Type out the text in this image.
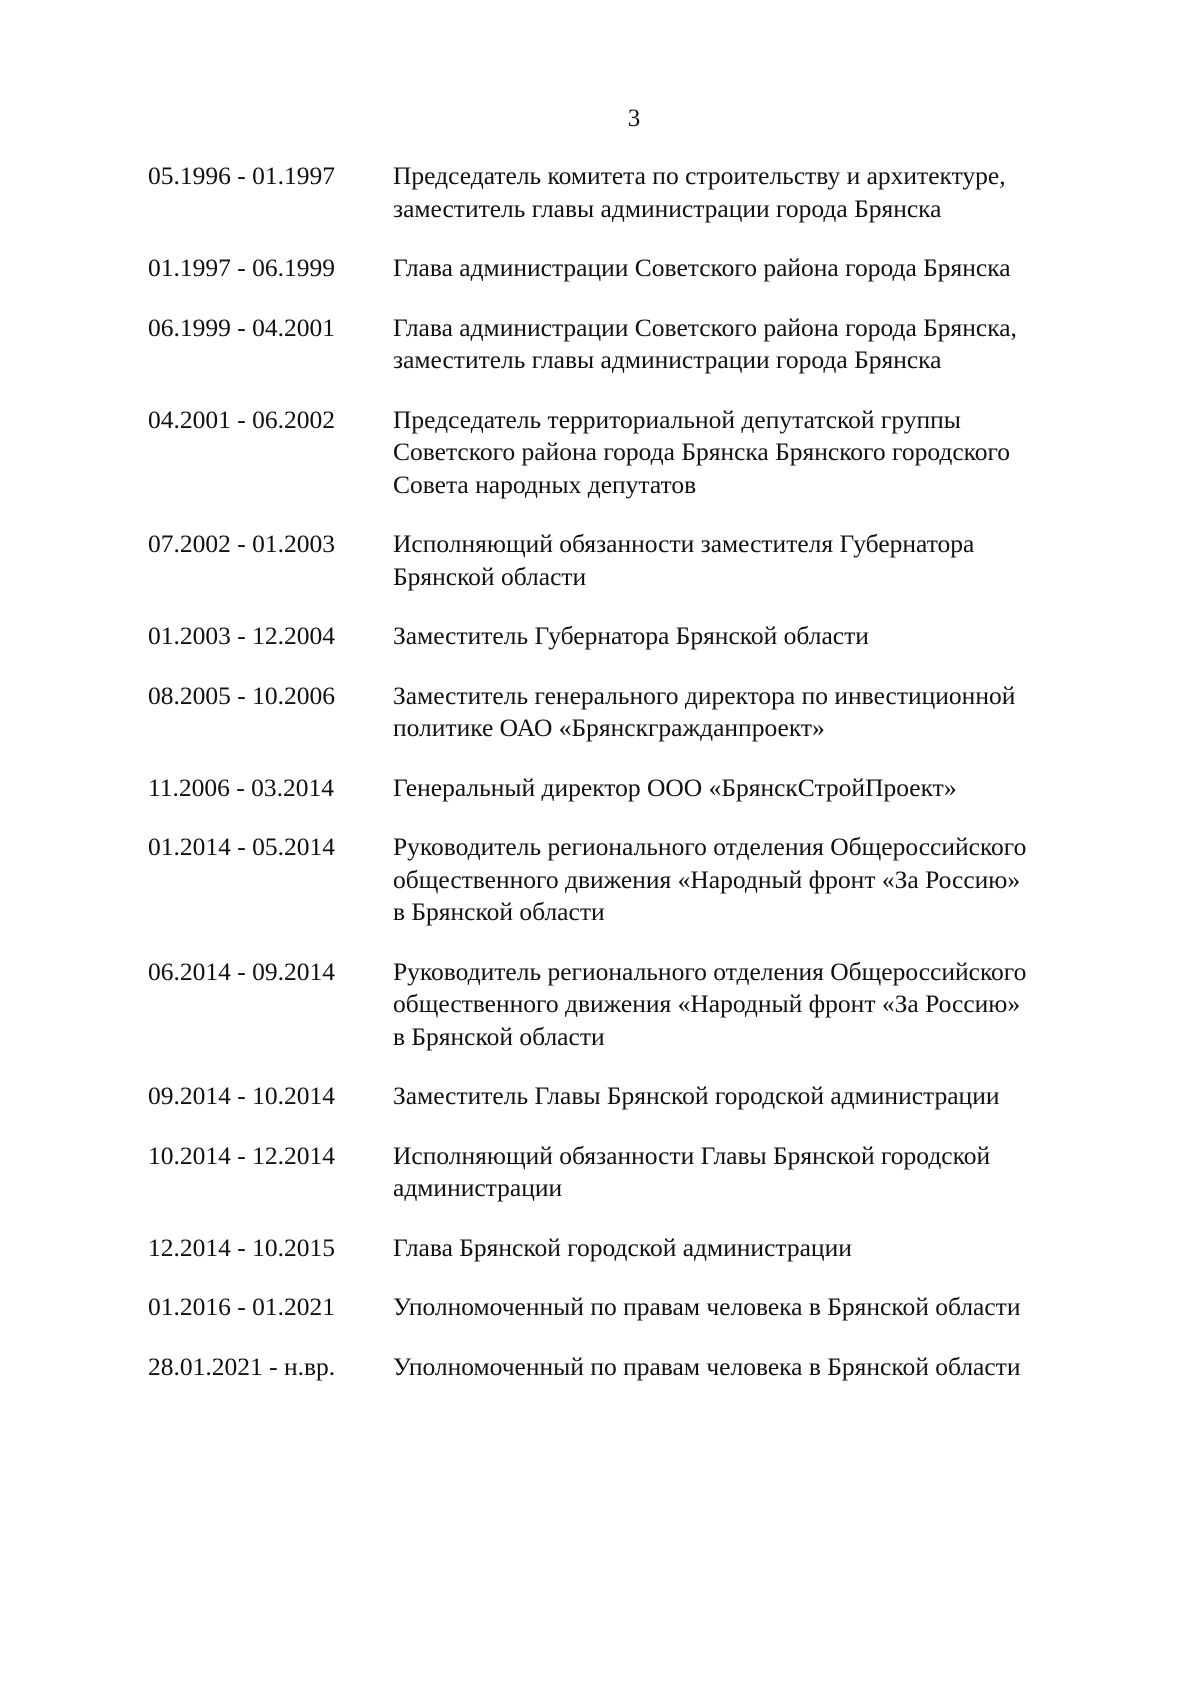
3
05.1996 - 01.1997	Председатель комитета по строительству и архитектуре,
заместитель главы администрации города Брянска
01.1997 - 06.1999	Глава администрации Советского района города Брянска
06.1999 - 04.2001	Глава администрации Советского района города Брянска,
заместитель главы администрации города Брянска
04.2001 - 06.2002	Председатель территориальной депутатской группы
Советского района города Брянска Брянского городского
Совета народных депутатов
07.2002 - 01.2003	Исполняющий обязанности заместителя Губернатора
Брянской области
01.2003 - 12.2004	Заместитель Губернатора Брянской области
08.2005 - 10.2006	Заместитель генерального директора по инвестиционной
политике ОАО «Брянскгражданпроект»
11.2006 - 03.2014	Генеральный директор ООО «БрянскСтройПроект»
01.2014 - 05.2014	Руководитель регионального отделения Общероссийского
общественного движения «Народный фронт «За Россию»
в Брянской области
06.2014 - 09.2014	Руководитель регионального отделения Общероссийского
общественного движения «Народный фронт «За Россию»
в Брянской области
09.2014 - 10.2014	Заместитель Главы Брянской городской администрации
10.2014 - 12.2014	Исполняющий обязанности Главы Брянской городской
администрации
12.2014 - 10.2015	Глава Брянской городской администрации
01.2016 - 01.2021	Уполномоченный по правам человека в Брянской области
28.01.2021 - н.вр.	Уполномоченный по правам человека в Брянской области
